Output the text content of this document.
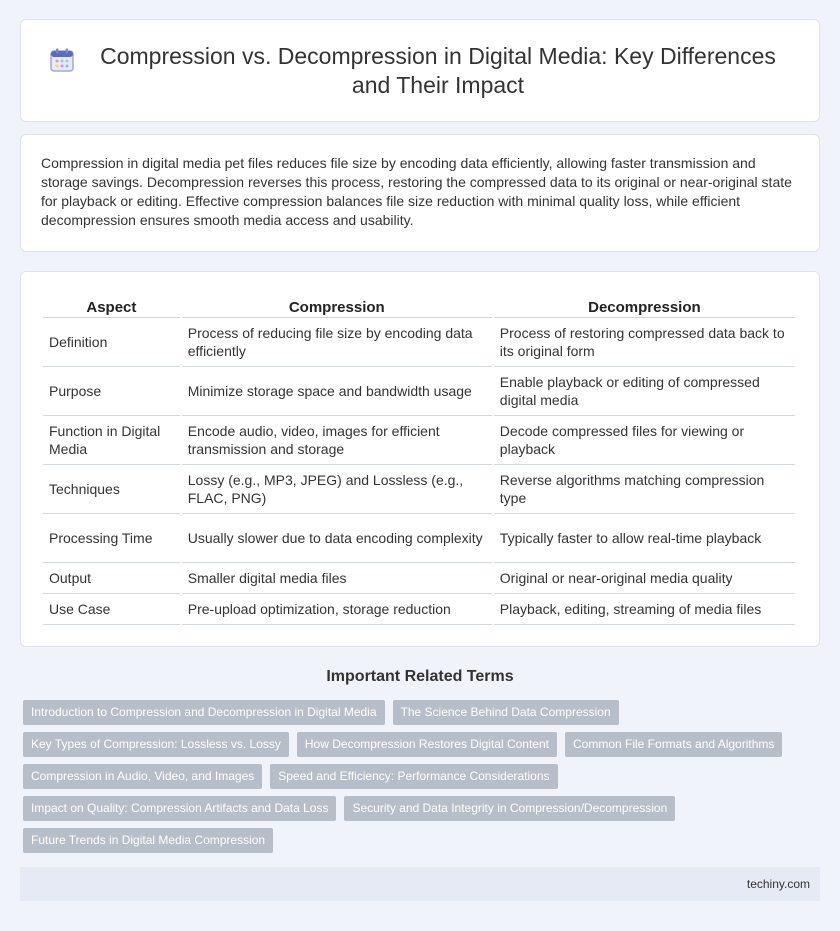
Compression vs. Decompression in Digital Media: Key Differences and Their Impact

Compression in digital media pet files reduces file size by encoding data efficiently, allowing faster transmission and storage savings. Decompression reverses this process, restoring the compressed data to its original or near-original state for playback or editing. Effective compression balances file size reduction with minimal quality loss, while efficient decompression ensures smooth media access and usability.

Aspect	Compression	Decompression
Definition	Process of reducing file size by encoding data efficiently	Process of restoring compressed data back to its original form
Purpose	Minimize storage space and bandwidth usage	Enable playback or editing of compressed digital media
Function in Digital Media	Encode audio, video, images for efficient transmission and storage	Decode compressed files for viewing or playback
Techniques	Lossy (e.g., MP3, JPEG) and Lossless (e.g., FLAC, PNG)	Reverse algorithms matching compression type
Processing Time	Usually slower due to data encoding complexity	Typically faster to allow real-time playback
Output	Smaller digital media files	Original or near-original media quality
Use Case	Pre-upload optimization, storage reduction	Playback, editing, streaming of media files
Important Related Terms
Introduction to Compression and Decompression in Digital Media	The Science Behind Data Compression
Key Types of Compression: Lossless vs. Lossy	How Decompression Restores Digital Content	Common File Formats and Algorithms
Compression in Audio, Video, and Images	Speed and Efficiency: Performance Considerations
Impact on Quality: Compression Artifacts and Data Loss	Security and Data Integrity in Compression/Decompression
Future Trends in Digital Media Compression
techiny.com
